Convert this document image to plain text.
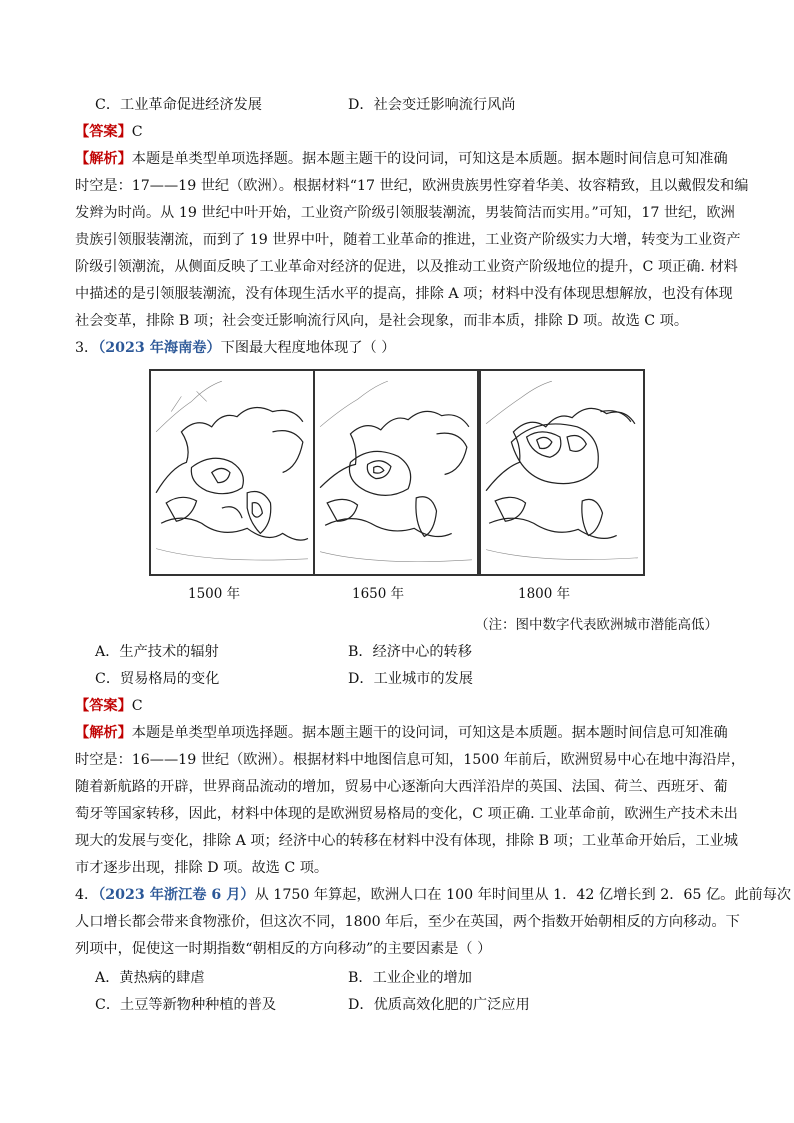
C．工业革命促进经济发展	D．社会变迁影响流行风尚
【答案】C
【解析】本题是单类型单项选择题。据本题主题干的设问词，可知这是本质题。据本题时间信息可知准确
时空是：17——19 世纪（欧洲）。根据材料“17 世纪，欧洲贵族男性穿着华美、妆容精致，且以戴假发和编
发辫为时尚。从 19 世纪中叶开始，工业资产阶级引领服装潮流，男装简洁而实用。”可知，17 世纪，欧洲
贵族引领服装潮流，而到了 19 世界中叶，随着工业革命的推进，工业资产阶级实力大增，转变为工业资产
阶级引领潮流，从侧面反映了工业革命对经济的促进，以及推动工业资产阶级地位的提升，C 项正确. 材料
中描述的是引领服装潮流，没有体现生活水平的提高，排除 A 项；材料中没有体现思想解放，也没有体现
社会变革，排除 B 项；社会变迁影响流行风向，是社会现象，而非本质，排除 D 项。故选 C 项。
3．（2023 年海南卷）下图最大程度地体现了（ ）
1500 年	1650 年	1800 年
（注：图中数字代表欧洲城市潜能高低）
A．生产技术的辐射	B．经济中心的转移
C．贸易格局的变化	D．工业城市的发展
【答案】C
【解析】本题是单类型单项选择题。据本题主题干的设问词，可知这是本质题。据本题时间信息可知准确
时空是：16——19 世纪（欧洲）。根据材料中地图信息可知，1500 年前后，欧洲贸易中心在地中海沿岸，
随着新航路的开辟，世界商品流动的增加，贸易中心逐渐向大西洋沿岸的英国、法国、荷兰、西班牙、葡
萄牙等国家转移，因此，材料中体现的是欧洲贸易格局的变化，C 项正确. 工业革命前，欧洲生产技术未出
现大的发展与变化，排除 A 项；经济中心的转移在材料中没有体现，排除 B 项；工业革命开始后，工业城
市才逐步出现，排除 D 项。故选 C 项。
4．（2023 年浙江卷 6 月）从 1750 年算起，欧洲人口在 100 年时间里从 1．42 亿增长到 2．65 亿。此前每次
人口增长都会带来食物涨价，但这次不同，1800 年后，至少在英国，两个指数开始朝相反的方向移动。下
列项中，促使这一时期指数“朝相反的方向移动”的主要因素是（ ）
A．黄热病的肆虐	B．工业企业的增加
C．土豆等新物种种植的普及	D．优质高效化肥的广泛应用
